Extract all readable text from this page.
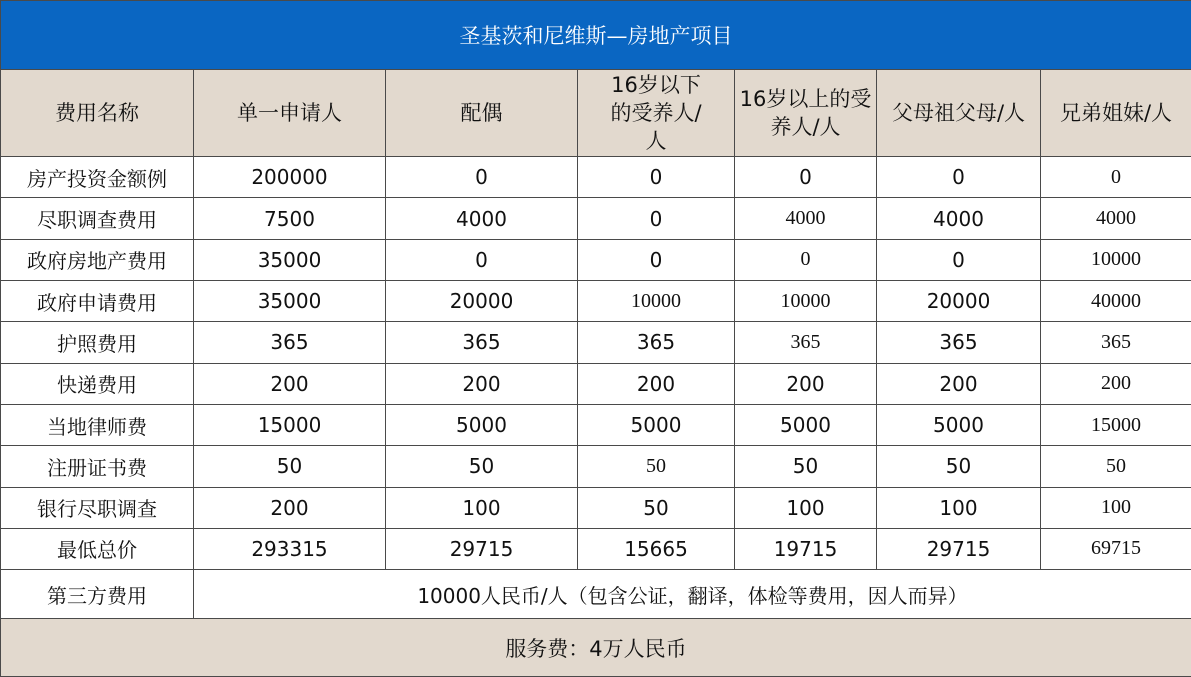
圣基茨和尼维斯—房地产项目						
费用名称	单一申请人	配偶	16岁以下的受养人/人	16岁以上的受养人/人	父母祖父母/人	兄弟姐妹/人
房产投资金额例	200000	0	0	0	0	0
尽职调查费用	7500	4000	0	4000	4000	4000
政府房地产费用	35000	0	0	0	0	10000
政府申请费用	35000	20000	10000	10000	20000	40000
护照费用	365	365	365	365	365	365
快递费用	200	200	200	200	200	200
当地律师费	15000	5000	5000	5000	5000	15000
注册证书费	50	50	50	50	50	50
银行尽职调查	200	100	50	100	100	100
最低总价	293315	29715	15665	19715	29715	69715
第三方费用	10000人民币/人（包含公证，翻译，体检等费用，因人而异）					
服务费：4万人民币						
